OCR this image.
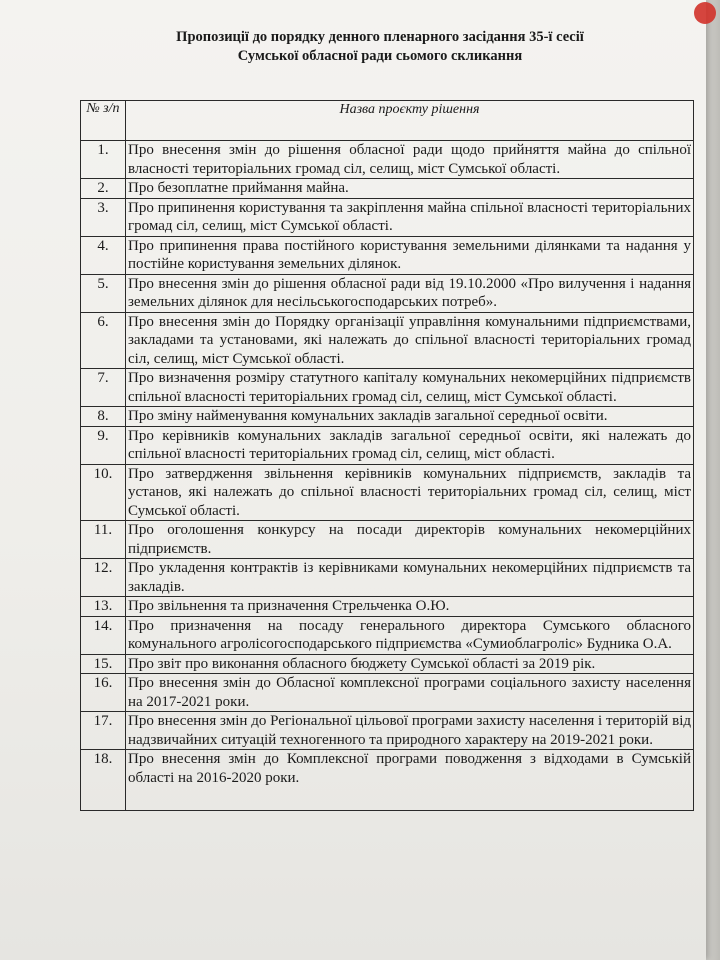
Пропозиції до порядку денного пленарного засідання 35-ї сесії
Сумської обласної ради сьомого скликання
№ з/п	Назва проєкту рішення
1.	Про внесення змін до рішення обласної ради щодо прийняття майна до спільної власності територіальних громад сіл, селищ, міст Сумської області.
2.	Про безоплатне приймання майна.
3.	Про припинення користування та закріплення майна спільної власності територіальних громад сіл, селищ, міст Сумської області.
4.	Про припинення права постійного користування земельними ділянками та надання у постійне користування земельних ділянок.
5.	Про внесення змін до рішення обласної ради від 19.10.2000 «Про вилучення і надання земельних ділянок для несільськогосподарських потреб».
6.	Про внесення змін до Порядку організації управління комунальними підприємствами, закладами та установами, які належать до спільної власності територіальних громад сіл, селищ, міст Сумської області.
7.	Про визначення розміру статутного капіталу комунальних некомерційних підприємств спільної власності територіальних громад сіл, селищ, міст Сумської області.
8.	Про зміну найменування комунальних закладів загальної середньої освіти.
9.	Про керівників комунальних закладів загальної середньої освіти, які належать до спільної власності територіальних громад сіл, селищ, міст області.
10.	Про затвердження звільнення керівників комунальних підприємств, закладів та установ, які належать до спільної власності територіальних громад сіл, селищ, міст Сумської області.
11.	Про оголошення конкурсу на посади директорів комунальних некомерційних підприємств.
12.	Про укладення контрактів із керівниками комунальних некомерційних підприємств та закладів.
13.	Про звільнення та призначення Стрельченка О.Ю.
14.	Про призначення на посаду генерального директора Сумського обласного комунального агролісогосподарського підприємства «Сумиоблагроліс» Будника О.А.
15.	Про звіт про виконання обласного бюджету Сумської області за 2019 рік.
16.	Про внесення змін до Обласної комплексної програми соціального захисту населення на 2017-2021 роки.
17.	Про внесення змін до Регіональної цільової програми захисту населення і територій від надзвичайних ситуацій техногенного та природного характеру на 2019-2021 роки.
18.	Про внесення змін до Комплексної програми поводження з відходами в Сумській області на 2016-2020 роки.
